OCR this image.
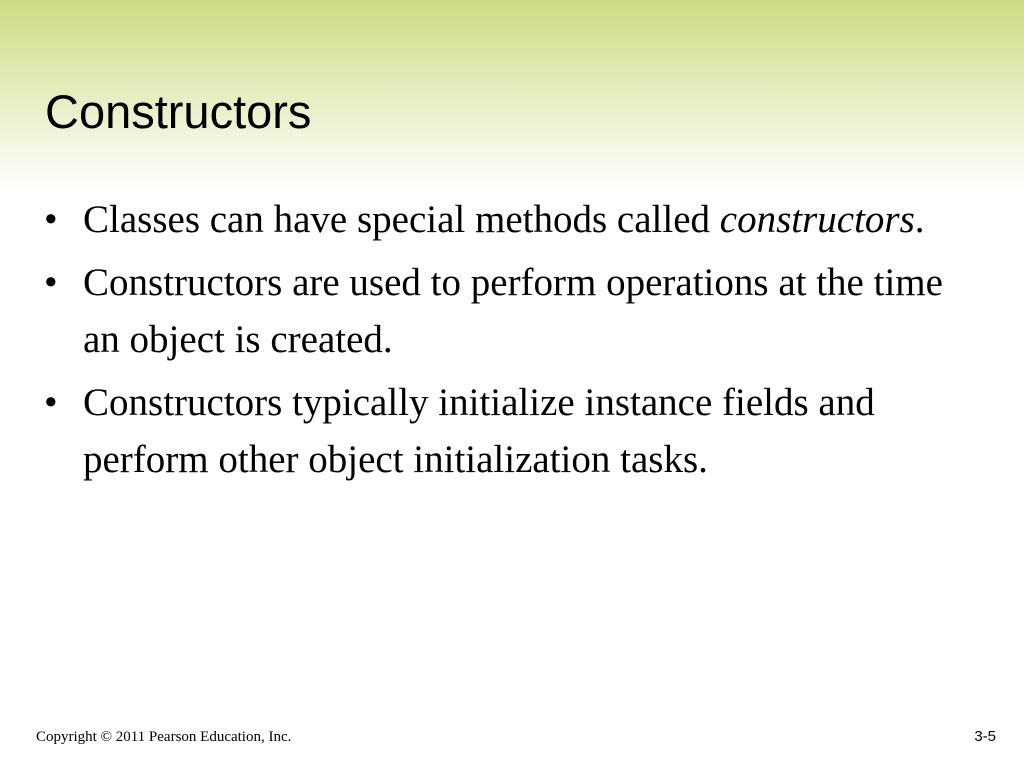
Constructors
• Classes can have special methods called constructors.
• Constructors are used to perform operations at the time an object is created.
• Constructors typically initialize instance fields and perform other object initialization tasks.
Copyright © 2011 Pearson Education, Inc.	3-5
